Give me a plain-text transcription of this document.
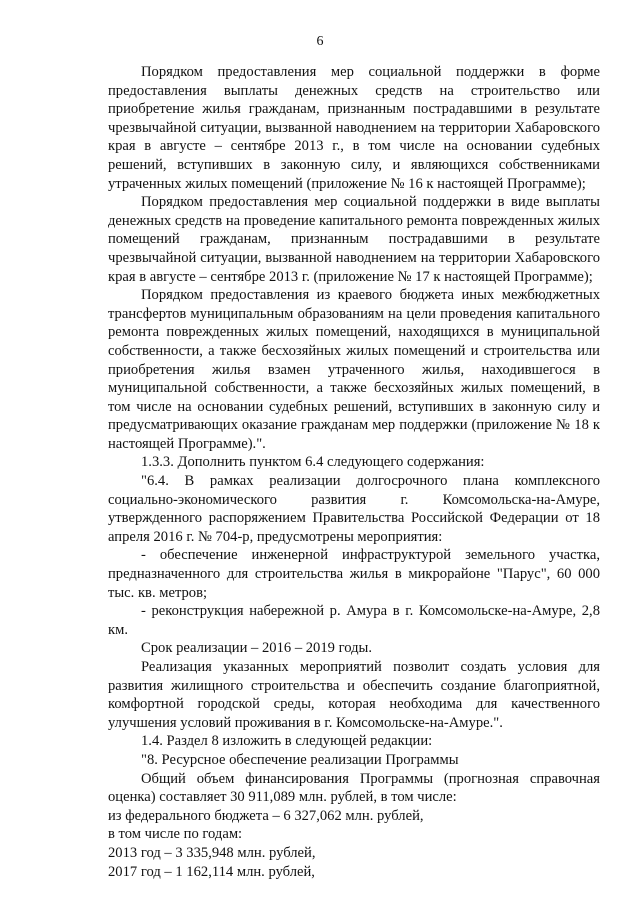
6

Порядком предоставления мер социальной поддержки в форме предоставления выплаты денежных средств на строительство или приобретение жилья гражданам, признанным пострадавшими в результате чрезвычайной ситуации, вызванной наводнением на территории Хабаровского края в августе – сентябре 2013 г., в том числе на основании судебных решений, вступивших в законную силу, и являющихся собственниками утраченных жилых помещений (приложение № 16 к настоящей Программе);

Порядком предоставления мер социальной поддержки в виде выплаты денежных средств на проведение капитального ремонта поврежденных жилых помещений гражданам, признанным пострадавшими в результате чрезвычайной ситуации, вызванной наводнением на территории Хабаровского края в августе – сентябре 2013 г. (приложение № 17 к настоящей Программе);

Порядком предоставления из краевого бюджета иных межбюджетных трансфертов муниципальным образованиям на цели проведения капитального ремонта поврежденных жилых помещений, находящихся в муниципальной собственности, а также бесхозяйных жилых помещений и строительства или приобретения жилья взамен утраченного жилья, находившегося в муниципальной собственности, а также бесхозяйных жилых помещений, в том числе на основании судебных решений, вступивших в законную силу и предусматривающих оказание гражданам мер поддержки (приложение № 18 к настоящей Программе).".

1.3.3. Дополнить пунктом 6.4 следующего содержания:

"6.4. В рамках реализации долгосрочного плана комплексного социально-экономического развития г. Комсомольска-на-Амуре, утвержденного распоряжением Правительства Российской Федерации от 18 апреля 2016 г. № 704-р, предусмотрены мероприятия:

- обеспечение инженерной инфраструктурой земельного участка, предназначенного для строительства жилья в микрорайоне "Парус", 60 000 тыс. кв. метров;

- реконструкция набережной р. Амура в г. Комсомольске-на-Амуре, 2,8 км.

Срок реализации – 2016 – 2019 годы.

Реализация указанных мероприятий позволит создать условия для развития жилищного строительства и обеспечить создание благоприятной, комфортной городской среды, которая необходима для качественного улучшения условий проживания в г. Комсомольске-на-Амуре.".

1.4. Раздел 8 изложить в следующей редакции:

"8. Ресурсное обеспечение реализации Программы

Общий объем финансирования Программы (прогнозная справочная оценка) составляет 30 911,089 млн. рублей, в том числе:

из федерального бюджета – 6 327,062 млн. рублей,

в том числе по годам:

2013 год – 3 335,948 млн. рублей,

2017 год – 1 162,114 млн. рублей,
